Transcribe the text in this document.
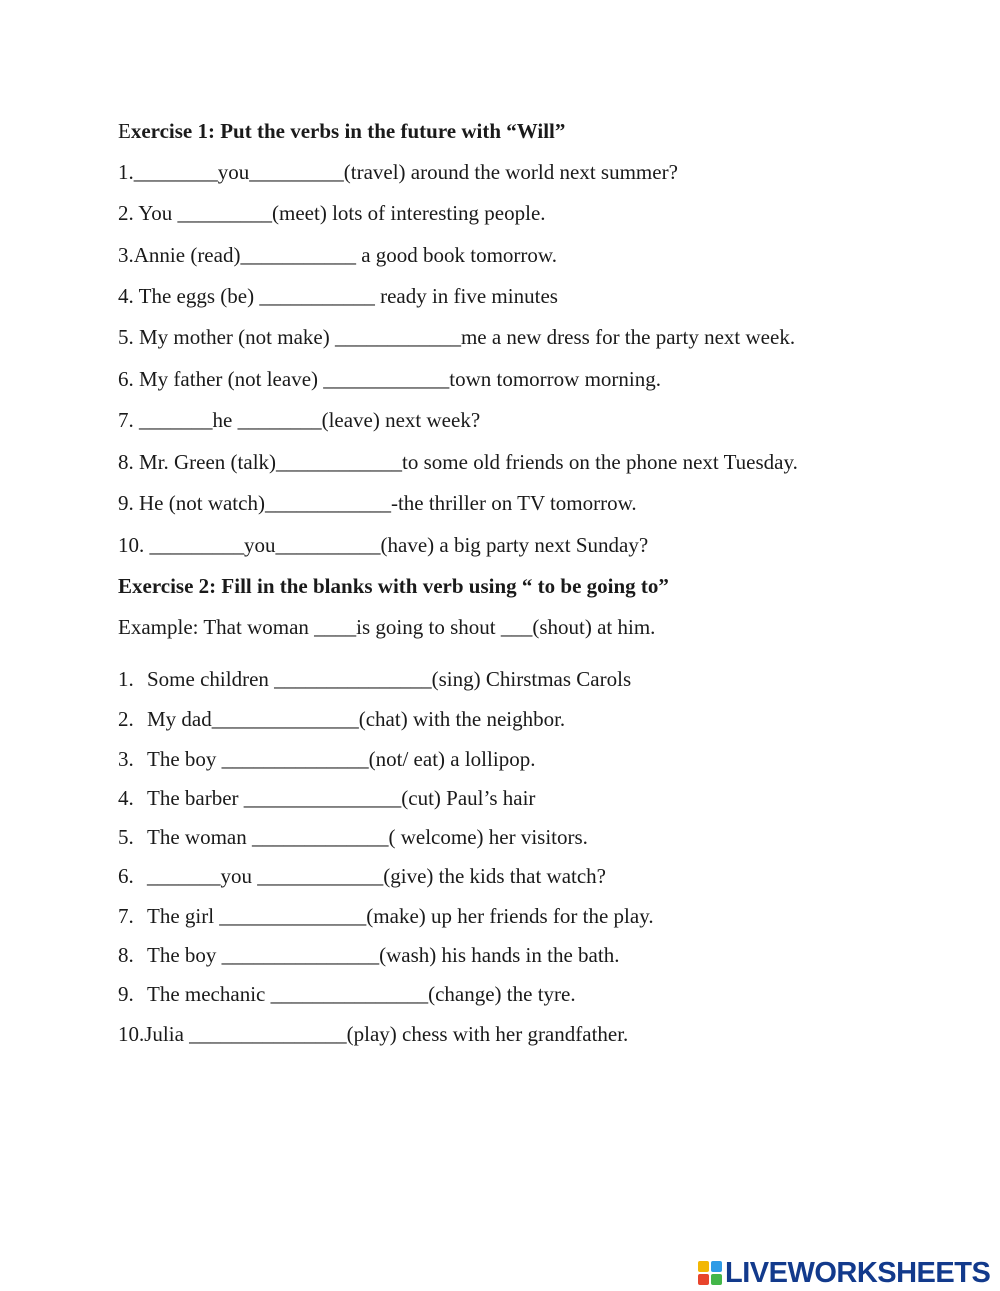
Exercise 1: Put the verbs in the future with “Will”
1.________you_________(travel) around the world next summer?
2. You _________(meet) lots of interesting people.
3.Annie (read)___________ a good book tomorrow.
4. The eggs (be) ___________ ready in five minutes
5. My mother (not make) ____________me a new dress for the party next week.
6. My father (not leave) ____________town tomorrow morning.
7. _______he ________(leave) next week?
8. Mr. Green (talk)____________to some old friends on the phone next Tuesday.
9. He (not watch)____________-the thriller on TV tomorrow.
10. _________you__________(have) a big party next Sunday?
Exercise 2: Fill in the blanks with verb using “ to be going to”
Example: That woman ____is going to shout ___(shout) at him.
1. Some children _______________(sing) Chirstmas Carols
2. My dad______________(chat) with the neighbor.
3. The boy ______________(not/ eat) a lollipop.
4. The barber _______________(cut) Paul’s hair
5. The woman _____________( welcome) her visitors.
6. _______you ____________(give) the kids that watch?
7. The girl ______________(make) up her friends for the play.
8. The boy _______________(wash) his hands in the bath.
9. The mechanic _______________(change) the tyre.
10.Julia _______________(play) chess with her grandfather.
LIVEWORKSHEETS
